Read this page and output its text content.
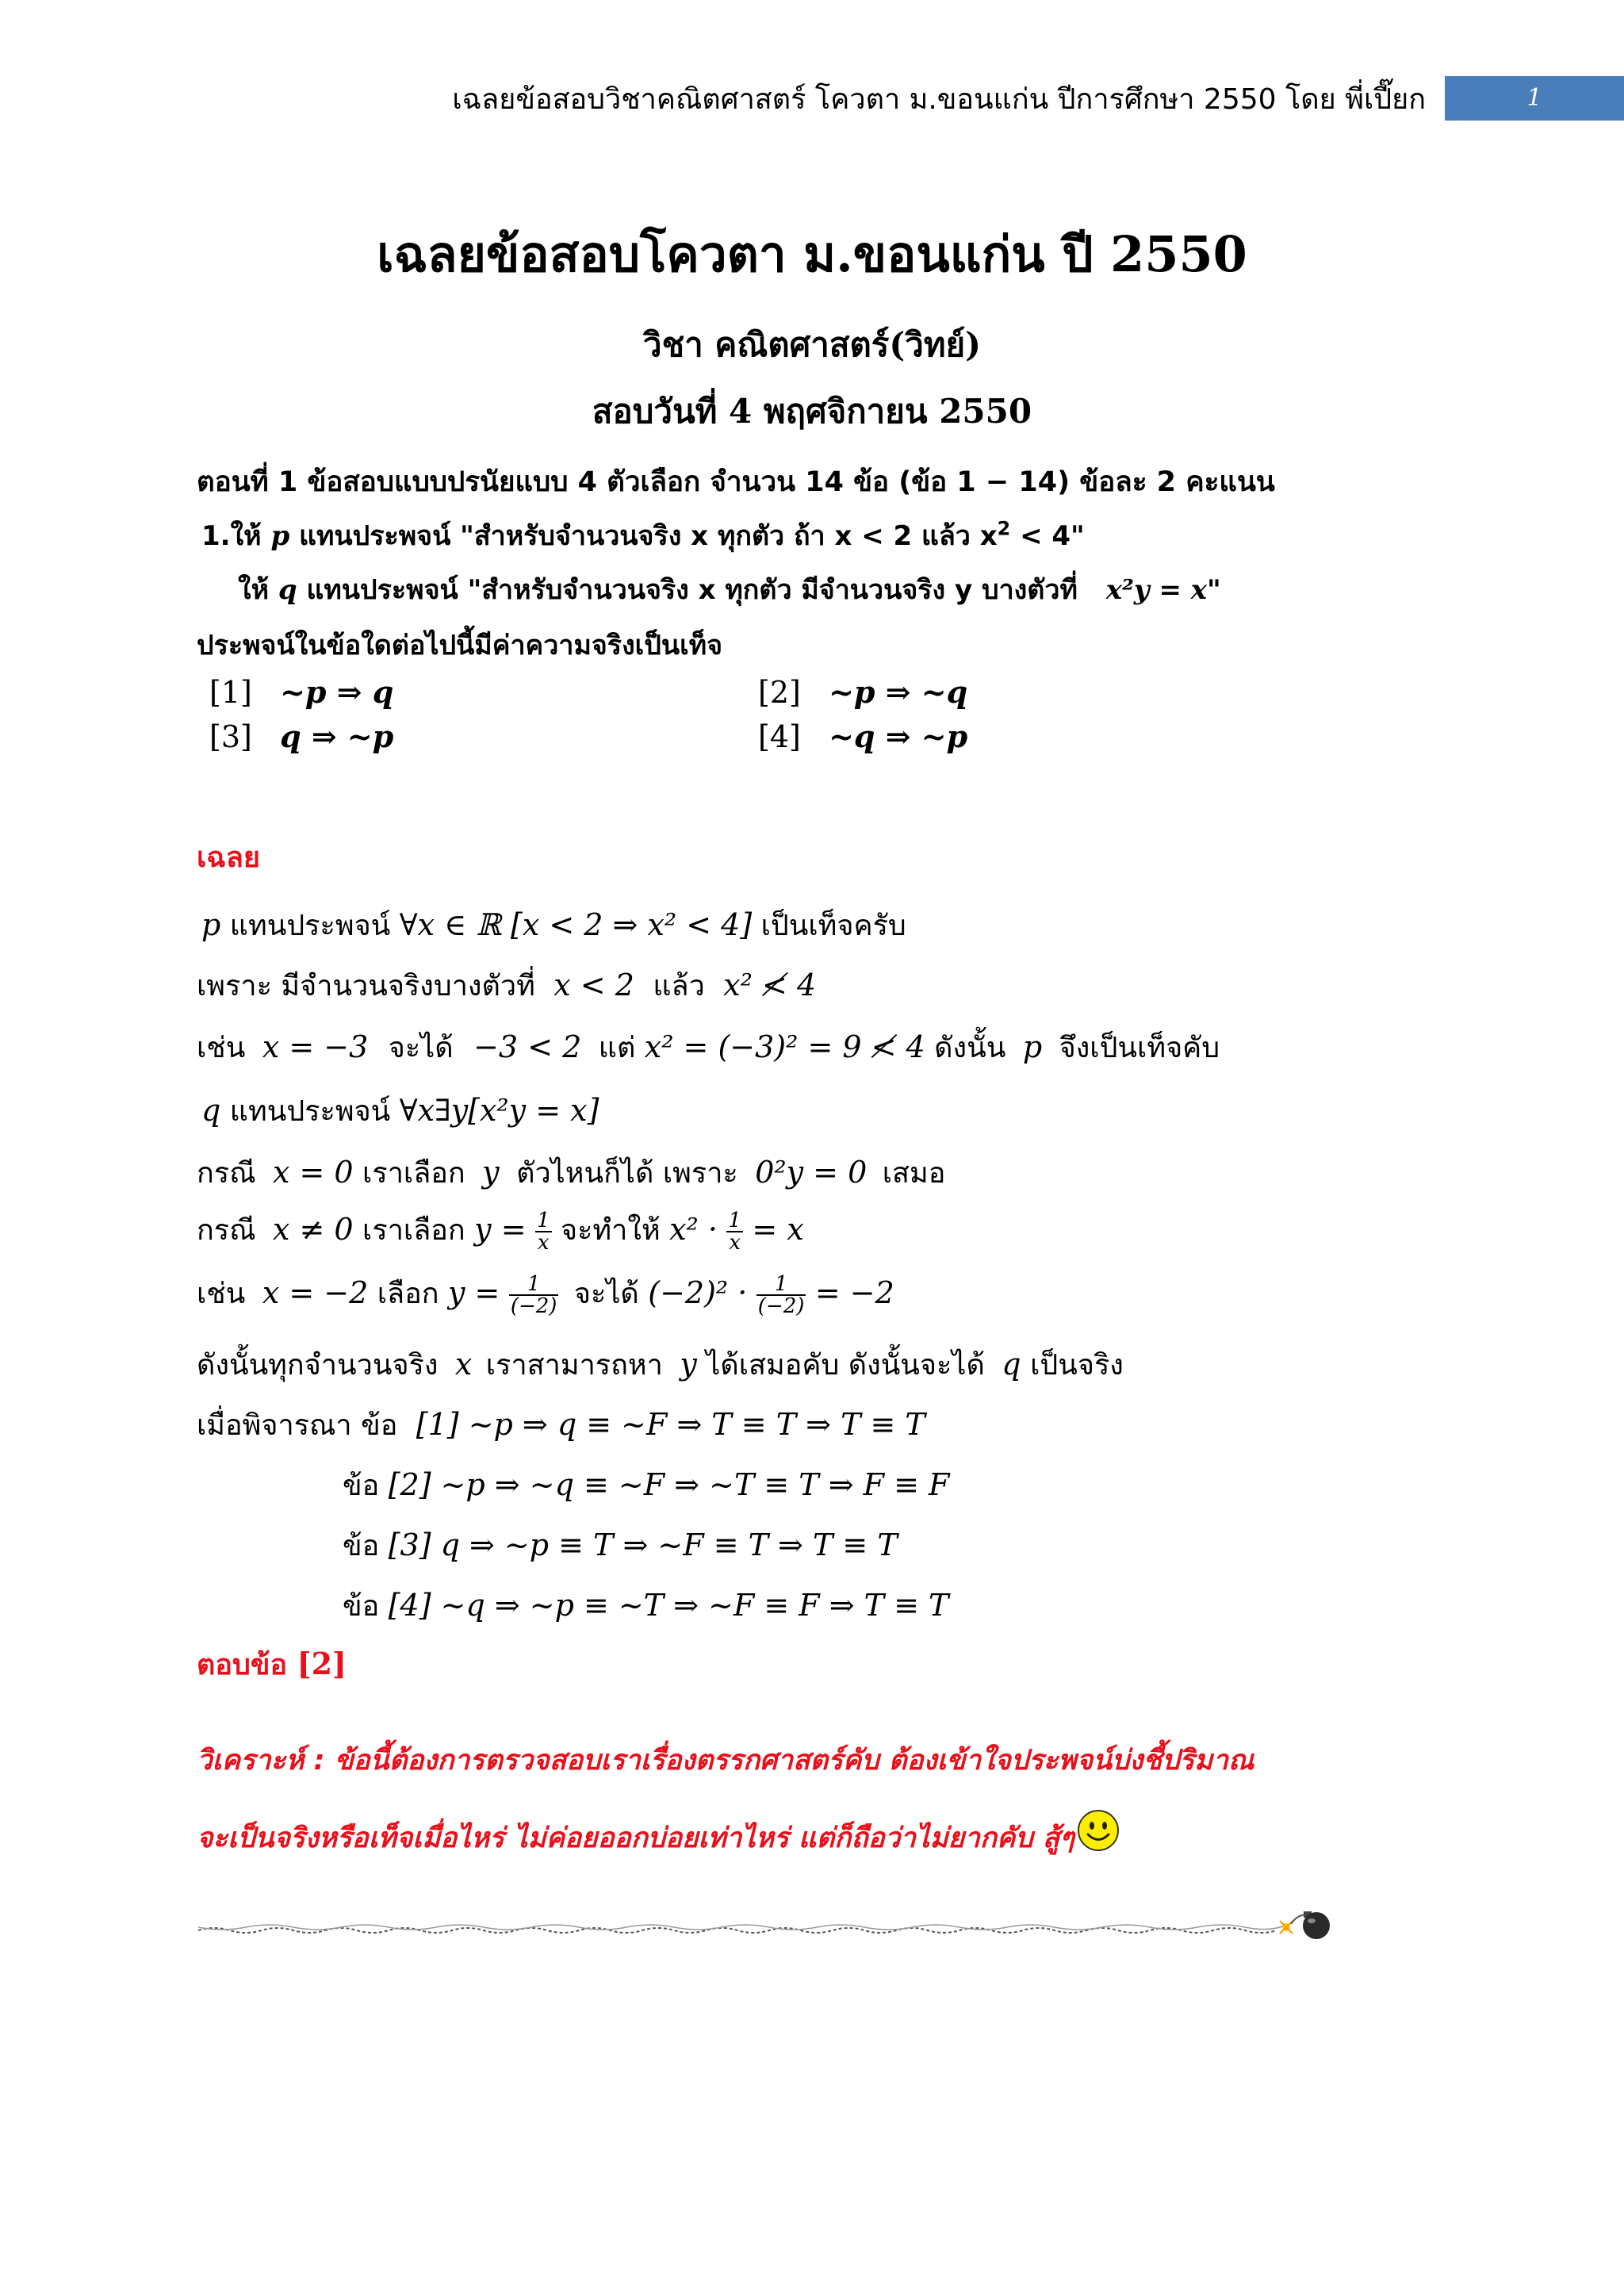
เฉลยข้อสอบวิชาคณิตศาสตร์ โควตา ม.ขอนแก่น ปีการศึกษา 2550 โดย พี่เปี๊ยก	1
เฉลยข้อสอบโควตา ม.ขอนแก่น ปี 2550
วิชา คณิตศาสตร์(วิทย์)
สอบวันที่ 4 พฤศจิกายน 2550
ตอนที่ 1 ข้อสอบแบบปรนัยแบบ 4 ตัวเลือก จำนวน 14 ข้อ (ข้อ 1 − 14) ข้อละ 2 คะแนน
1.ให้ p แทนประพจน์ "สำหรับจำนวนจริง x ทุกตัว ถ้า x < 2 แล้ว $x^2 < 4$"
ให้ q แทนประพจน์ "สำหรับจำนวนจริง x ทุกตัว มีจำนวนจริง y บางตัวที่ x²y = x"
ประพจน์ในข้อใดต่อไปนี้มีค่าความจริงเป็นเท็จ
[1] ~p ⇒ q	[2] ~p ⇒ ~q
[3] q ⇒ ~p	[4] ~q ⇒ ~p
เฉลย
p แทนประพจน์ ∀x ∈ ℝ [x < 2 ⇒ x² < 4] เป็นเท็จครับ
เพราะ มีจำนวนจริงบางตัวที่ x < 2 แล้ว x² ≮ 4
เช่น x = −3 จะได้ −3 < 2 แต่ x² = (−3)² = 9 ≮ 4 ดังนั้น p จึงเป็นเท็จคับ
q แทนประพจน์ ∀x∃y[x²y = x]
กรณี x = 0 เราเลือก y ตัวไหนก็ได้ เพราะ 0²y = 0 เสมอ
กรณี x ≠ 0 เราเลือก $y = \frac{1}{x}$ จะทำให้ $x^2 \cdot \frac{1}{x} = x$
เช่น x = −2 เลือก $y = \frac{1}{(-2)}$ จะได้ $(-2)^2 \cdot \frac{1}{(-2)} = -2$
ดังนั้นทุกจำนวนจริง x เราสามารถหา y ได้เสมอคับ ดังนั้นจะได้ q เป็นจริง
เมื่อพิจารณา ข้อ [1] ~p ⇒ q ≡ ~F ⇒ T ≡ T ⇒ T ≡ T
ข้อ [2] ~p ⇒ ~q ≡ ~F ⇒ ~T ≡ T ⇒ F ≡ F
ข้อ [3] q ⇒ ~p ≡ T ⇒ ~F ≡ T ⇒ T ≡ T
ข้อ [4] ~q ⇒ ~p ≡ ~T ⇒ ~F ≡ F ⇒ T ≡ T
ตอบข้อ [2]
วิเคราะห์ : ข้อนี้ต้องการตรวจสอบเราเรื่องตรรกศาสตร์คับ ต้องเข้าใจประพจน์บ่งชี้ปริมาณ
จะเป็นจริงหรือเท็จเมื่อไหร่ ไม่ค่อยออกบ่อยเท่าไหร่ แต่ก็ถือว่าไม่ยากคับ สู้ๆ
